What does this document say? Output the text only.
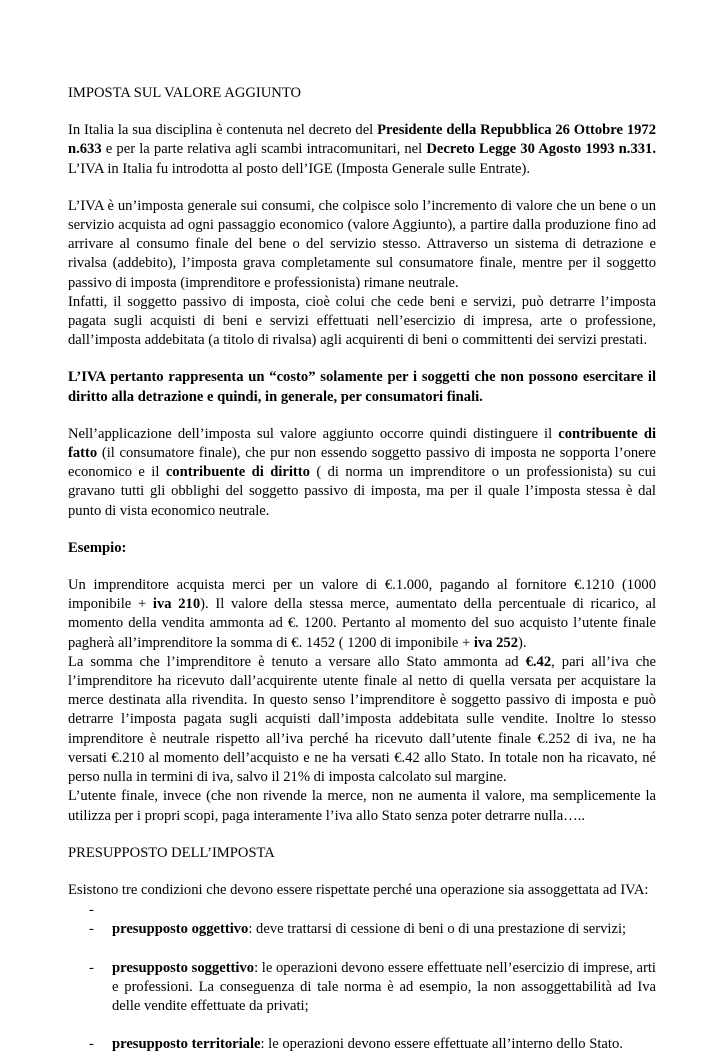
IMPOSTA SUL VALORE AGGIUNTO

In Italia la sua disciplina è contenuta nel decreto del Presidente della Repubblica 26 Ottobre 1972 n.633 e per la parte relativa agli scambi intracomunitari, nel Decreto Legge 30 Agosto 1993 n.331. L’IVA in Italia fu introdotta al posto dell’IGE (Imposta Generale sulle Entrate).

L’IVA è un’imposta generale sui consumi, che colpisce solo l’incremento di valore che un bene o un servizio acquista ad ogni passaggio economico (valore Aggiunto), a partire dalla produzione fino ad arrivare al consumo finale del bene o del servizio stesso. Attraverso un sistema di detrazione e rivalsa (addebito), l’imposta grava completamente sul consumatore finale, mentre per il soggetto passivo di imposta (imprenditore e professionista) rimane neutrale.

Infatti, il soggetto passivo di imposta, cioè colui che cede beni e servizi, può detrarre l’imposta pagata sugli acquisti di beni e servizi effettuati nell’esercizio di impresa, arte o professione, dall’imposta addebitata (a titolo di rivalsa) agli acquirenti di beni o committenti dei servizi prestati.

L’IVA pertanto rappresenta un “costo” solamente per i soggetti che non possono esercitare il diritto alla detrazione e quindi, in generale, per consumatori finali.

Nell’applicazione dell’imposta sul valore aggiunto occorre quindi distinguere il contribuente di fatto (il consumatore finale), che pur non essendo soggetto passivo di imposta ne sopporta l’onere economico e il contribuente di diritto ( di norma un imprenditore o un professionista) su cui gravano tutti gli obblighi del soggetto passivo di imposta, ma per il quale l’imposta stessa è dal punto di vista economico neutrale.

Esempio:

Un imprenditore acquista merci per un valore di €.1.000, pagando al fornitore €.1210 (1000 imponibile + iva 210). Il valore della stessa merce, aumentato della percentuale di ricarico, al momento della vendita ammonta ad €. 1200. Pertanto al momento del suo acquisto l’utente finale pagherà all’imprenditore la somma di €. 1452 ( 1200 di imponibile + iva 252).

La somma che l’imprenditore è tenuto a versare allo Stato ammonta ad €.42, pari all’iva che l’imprenditore ha ricevuto dall’acquirente utente finale al netto di quella versata per acquistare la merce destinata alla rivendita. In questo senso l’imprenditore è soggetto passivo di imposta e può detrarre l’imposta pagata sugli acquisti dall’imposta addebitata sulle vendite. Inoltre lo stesso imprenditore è neutrale rispetto all’iva perché ha ricevuto dall’utente finale €.252 di iva, ne ha versati €.210 al momento dell’acquisto e ne ha versati €.42 allo Stato. In totale non ha ricavato, né perso nulla in termini di iva, salvo il 21% di imposta calcolato sul margine.

L’utente finale, invece (che non rivende la merce, non ne aumenta il valore, ma semplicemente la utilizza per i propri scopi, paga interamente l’iva allo Stato senza poter detrarre nulla…..

PRESUPPOSTO DELL’IMPOSTA

Esistono tre condizioni che devono essere rispettate perché una operazione sia assoggettata ad IVA:

-

- presupposto oggettivo: deve trattarsi di cessione di beni o di una prestazione di servizi;
- presupposto soggettivo: le operazioni devono essere effettuate nell’esercizio di imprese, arti e professioni. La conseguenza di tale norma è ad esempio, la non assoggettabilità ad Iva delle vendite effettuate da privati;
- presupposto territoriale: le operazioni devono essere effettuate all’interno dello Stato.
